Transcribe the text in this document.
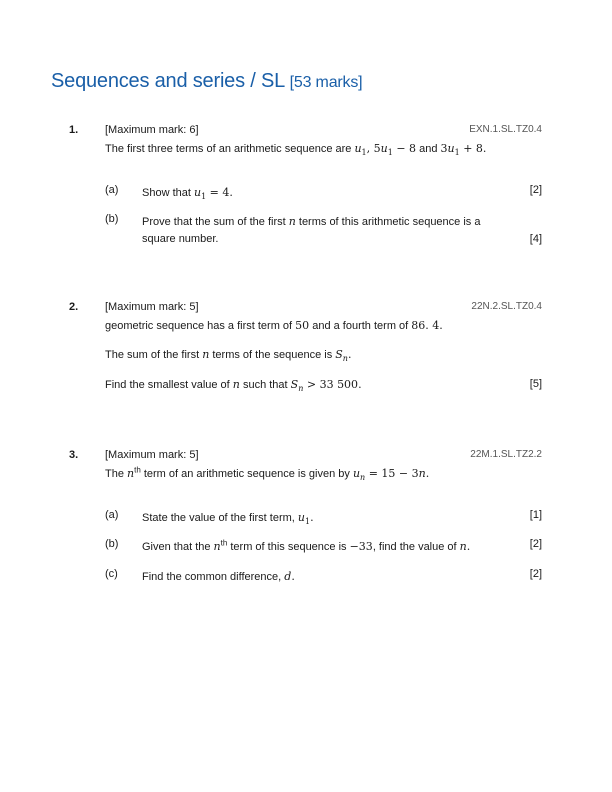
Sequences and series / SL [53 marks]
1. [Maximum mark: 6]	EXN.1.SL.TZ0.4
The first three terms of an arithmetic sequence are $u_1$, $5u_1 - 8$ and $3u_1 + 8$.
(a) Show that $u_1 = 4$.	[2]
(b) Prove that the sum of the first n terms of this arithmetic sequence is a square number.	[4]
2. [Maximum mark: 5]	22N.2.SL.TZ0.4
geometric sequence has a first term of 50 and a fourth term of 86. 4.
The sum of the first n terms of the sequence is $S_n$.
Find the smallest value of n such that $S_n > 33$ 500.	[5]
3. [Maximum mark: 5]	22M.1.SL.TZ2.2
The $n^{th}$ term of an arithmetic sequence is given by $u_n = 15 - 3n$.
(a) State the value of the first term, $u_1$.	[1]
(b) Given that the $n^{th}$ term of this sequence is −33, find the value of n.	[2]
(c) Find the common difference, d.	[2]
